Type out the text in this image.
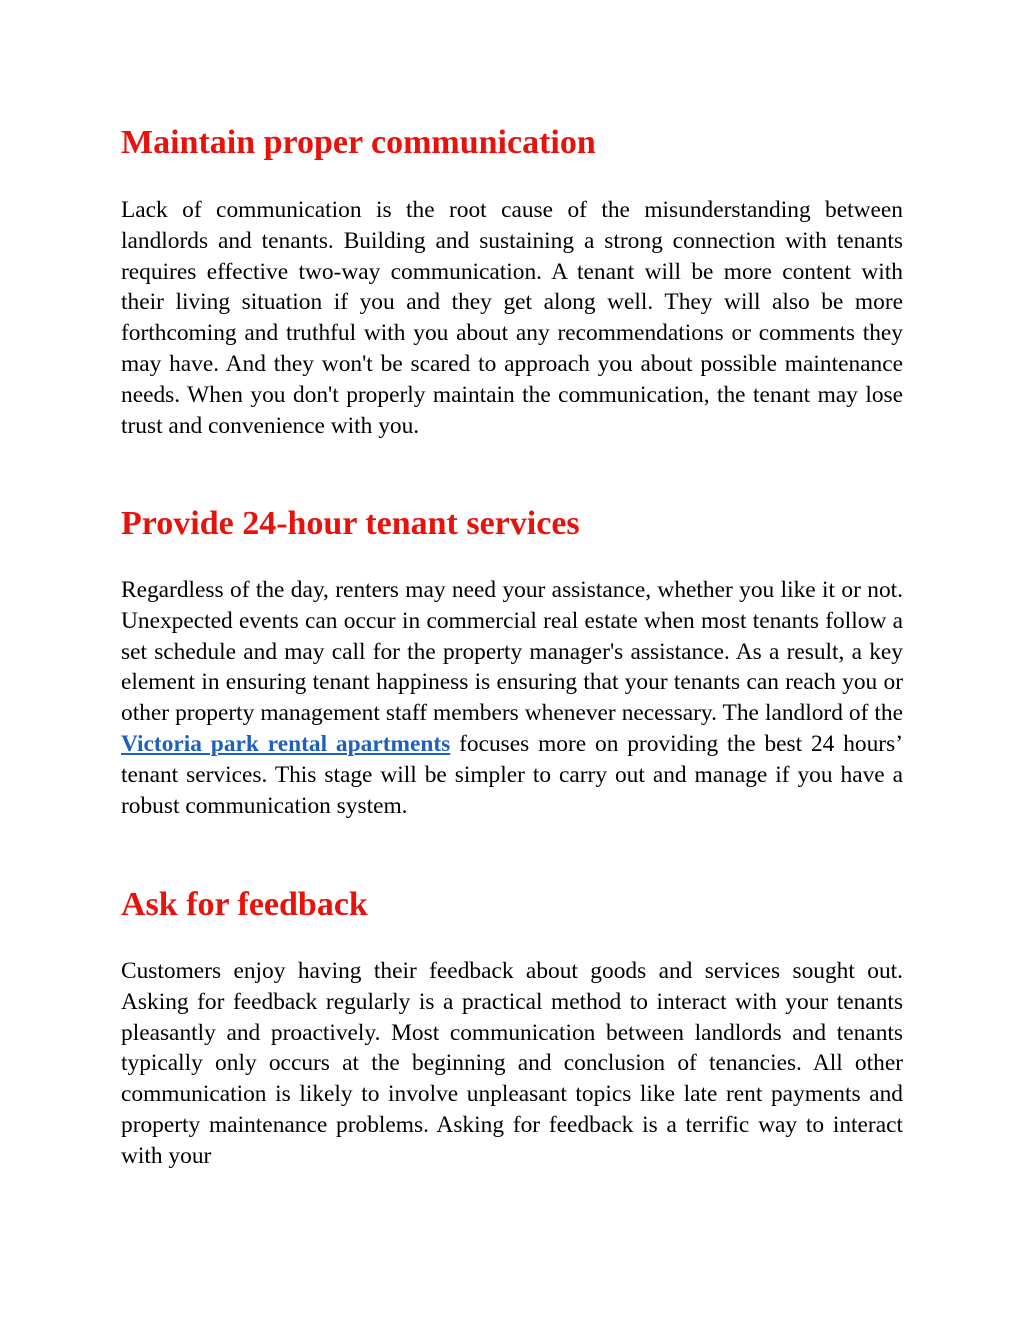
Maintain proper communication

Lack of communication is the root cause of the misunderstanding between landlords and tenants. Building and sustaining a strong connection with tenants requires effective two-way communication. A tenant will be more content with their living situation if you and they get along well. They will also be more forthcoming and truthful with you about any recommendations or comments they may have. And they won't be scared to approach you about possible maintenance needs. When you don't properly maintain the communication, the tenant may lose trust and convenience with you.

Provide 24-hour tenant services

Regardless of the day, renters may need your assistance, whether you like it or not. Unexpected events can occur in commercial real estate when most tenants follow a set schedule and may call for the property manager's assistance. As a result, a key element in ensuring tenant happiness is ensuring that your tenants can reach you or other property management staff members whenever necessary. The landlord of the Victoria park rental apartments focuses more on providing the best 24 hours’ tenant services. This stage will be simpler to carry out and manage if you have a robust communication system.

Ask for feedback

Customers enjoy having their feedback about goods and services sought out. Asking for feedback regularly is a practical method to interact with your tenants pleasantly and proactively. Most communication between landlords and tenants typically only occurs at the beginning and conclusion of tenancies. All other communication is likely to involve unpleasant topics like late rent payments and property maintenance problems. Asking for feedback is a terrific way to interact with your
